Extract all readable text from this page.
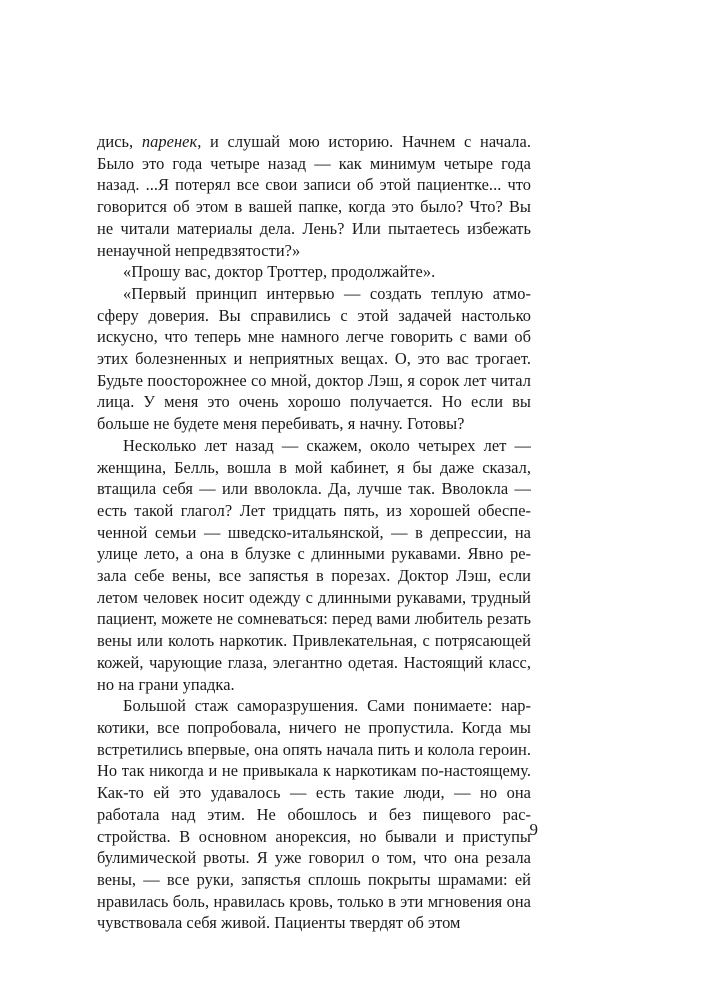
дись, паренек, и слушай мою историю. Начнем с начала. Было это года четыре назад — как минимум четыре года назад. ...Я потерял все свои записи об этой пациентке... что говорится об этом в вашей папке, когда это было? Что? Вы не читали материалы дела. Лень? Или пытаетесь избежать ненаучной непредвзятости?»

«Прошу вас, доктор Троттер, продолжайте».

«Первый принцип интервью — создать теплую атмосферу доверия. Вы справились с этой задачей настолько искусно, что теперь мне намного легче говорить с вами об этих болезненных и неприятных вещах. О, это вас трогает. Будьте поосторожнее со мной, доктор Лэш, я сорок лет читал лица. У меня это очень хорошо получается. Но если вы больше не будете меня перебивать, я начну. Готовы?

Несколько лет назад — скажем, около четырех лет — женщина, Белль, вошла в мой кабинет, я бы даже сказал, втащила себя — или вволокла. Да, лучше так. Вволокла — есть такой глагол? Лет тридцать пять, из хорошей обеспеченной семьи — шведско-итальянской, — в депрессии, на улице лето, а она в блузке с длинными рукавами. Явно резала себе вены, все запястья в порезах. Доктор Лэш, если летом человек носит одежду с длинными рукавами, трудный пациент, можете не сомневаться: перед вами любитель резать вены или колоть наркотик. Привлекательная, с потрясающей кожей, чарующие глаза, элегантно одетая. Настоящий класс, но на грани упадка.

Большой стаж саморазрушения. Сами понимаете: наркотики, все попробовала, ничего не пропустила. Когда мы встретились впервые, она опять начала пить и колола героин. Но так никогда и не привыкала к наркотикам по-настоящему. Как-то ей это удавалось — есть такие люди, — но она работала над этим. Не обошлось и без пищевого расстройства. В основном анорексия, но бывали и приступы булимической рвоты. Я уже говорил о том, что она резала вены, — все руки, запястья сплошь покрыты шрамами: ей нравилась боль, нравилась кровь, только в эти мгновения она чувствовала себя живой. Пациенты твердят об этом

9
